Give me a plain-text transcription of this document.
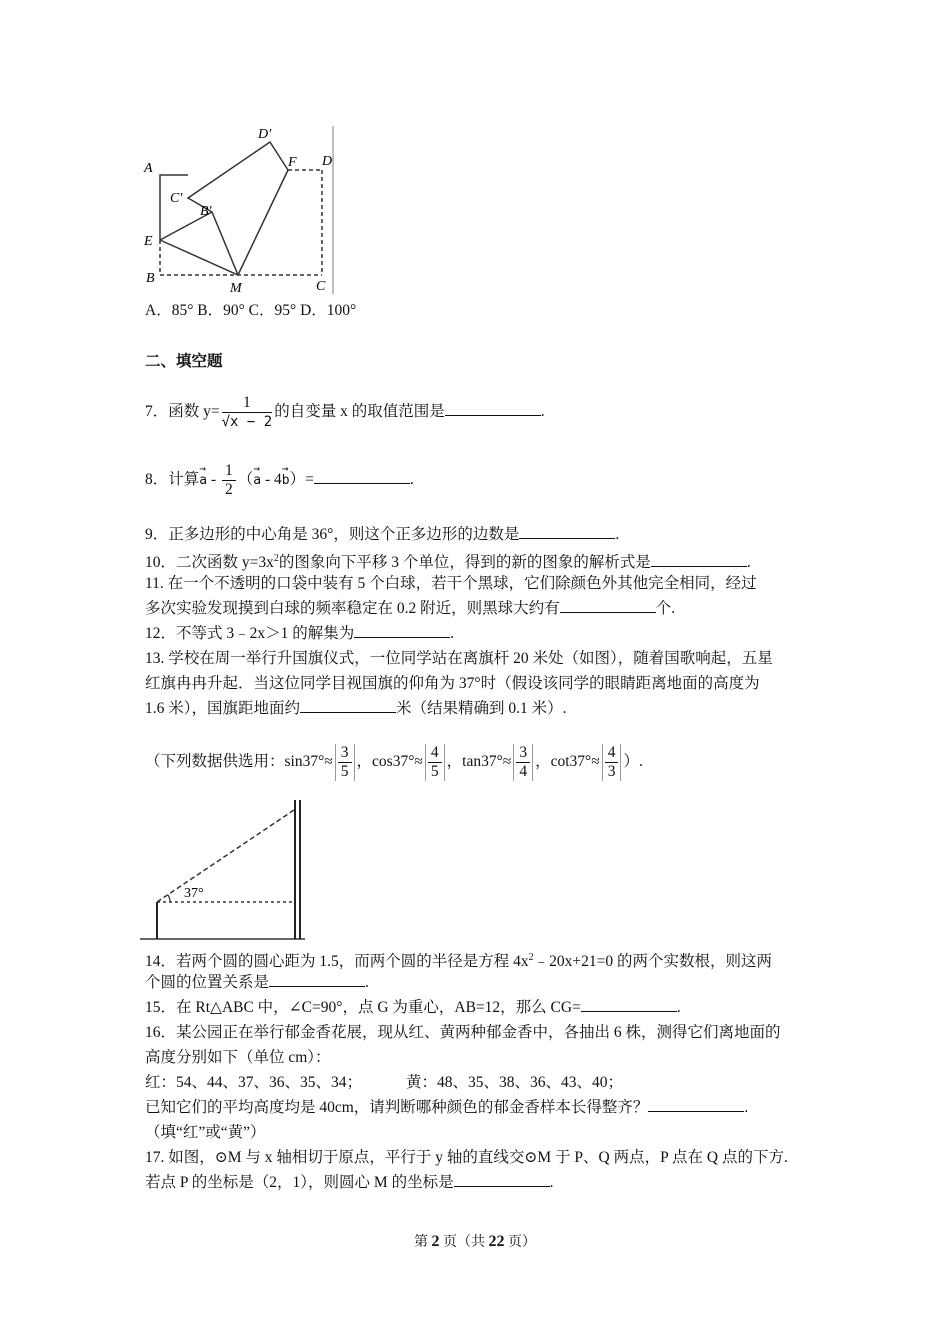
A
B
C
D
D′
F
C′
B′
E
M
A．85° B．90° C．95° D．100°
二、填空题
7．函数 $y= \frac{1}{√x - 2}$ 的自变量 x 的取值范围是	.
8．计算
→
a - $\frac{1}{2}$ （
→
a - 4
→
b）=	.
9．正多边形的中心角是 36°，则这个正多边形的边数是	.
10．二次函数 $y=3x^2$的图象向下平移 3 个单位，得到的新的图象的解析式是	.
11. 在一个不透明的口袋中装有 5 个白球，若干个黑球，它们除颜色外其他完全相同，经过
多次实验发现摸到白球的频率稳定在 0.2 附近，则黑球大约有	个.
12．不等式 3﹣2x＞1 的解集为	.
13. 学校在周一举行升国旗仪式，一位同学站在离旗杆 20 米处（如图），随着国歌响起，五星
红旗冉冉升起．当这位同学目视国旗的仰角为 37°时（假设该同学的眼睛距离地面的高度为
1.6 米），国旗距地面约	米（结果精确到 0.1 米）.
（下列数据供选用：$\sin 37^\circ\approx \frac{3}{5}$ ，$\cos 37^\circ\approx \frac{4}{5}$ ，$\tan 37^\circ\approx \frac{3}{4}$ ，$\cot 37^\circ\approx \frac{4}{3}$ ）.
37°
14．若两个圆的圆心距为 1.5，而两个圆的半径是方程 $4x^2﹣20x+21=0$ 的两个实数根，则这两
个圆的位置关系是	.
15．在 Rt△ABC 中，∠C=90°，点 G 为重心，AB=12，那么 CG=	.
16．某公园正在举行郁金香花展，现从红、黄两种郁金香中，各抽出 6 株，测得它们离地面的
高度分别如下（单位 cm）：
红：54、44、37、36、35、34；	黄：48、35、38、36、43、40；
已知它们的平均高度均是 40cm，请判断哪种颜色的郁金香样本长得整齐？	.
（填“红”或“黄”）
17. 如图，⊙M 与 x 轴相切于原点，平行于 y 轴的直线交⊙M 于 P、Q 两点，P 点在 Q 点的下方.
若点 P 的坐标是（2，1），则圆心 M 的坐标是	.
第 2 页（共 22 页）
